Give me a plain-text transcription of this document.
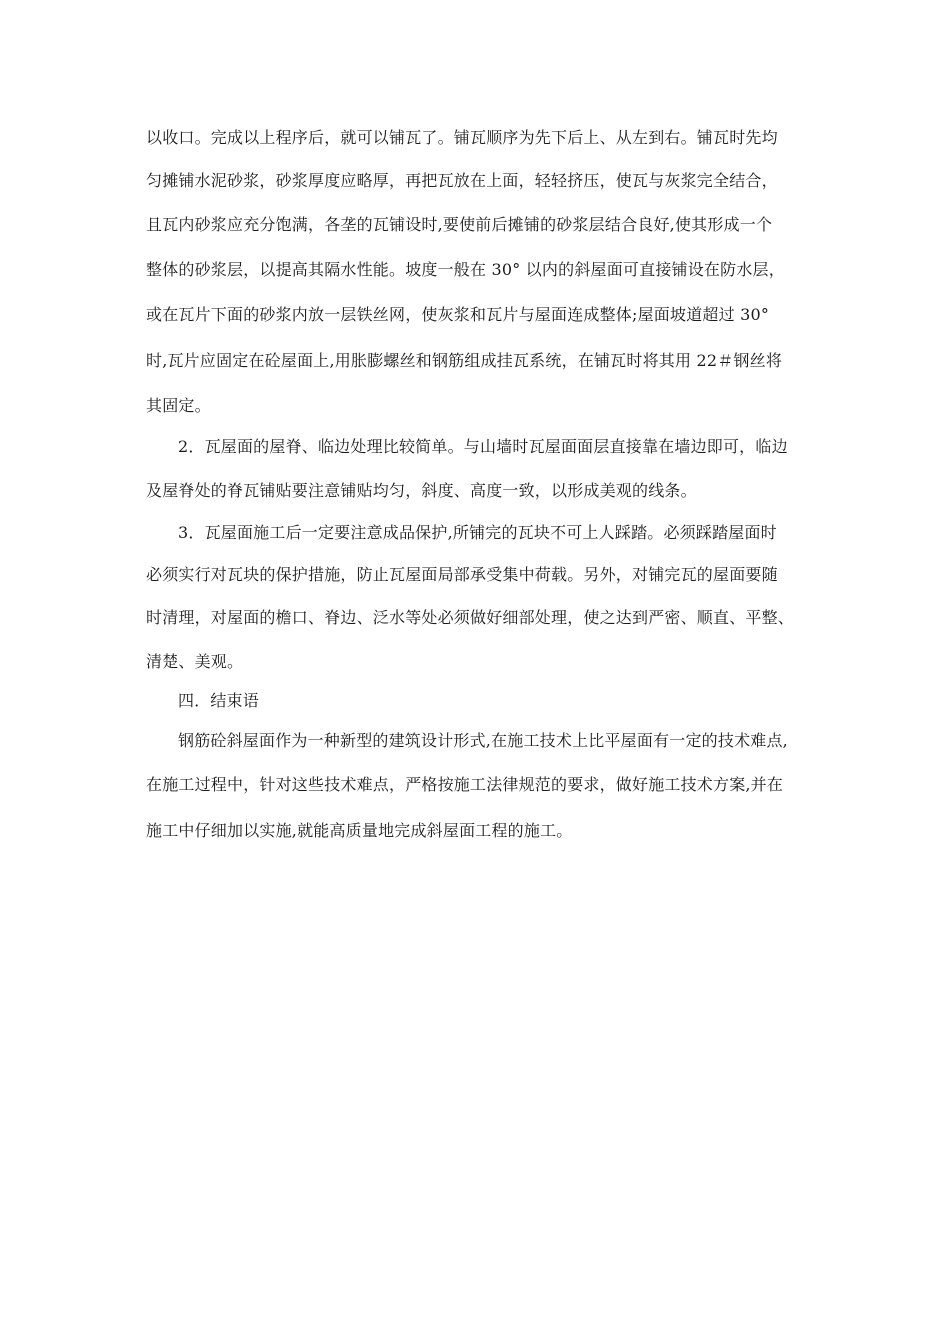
以收口。完成以上程序后，就可以铺瓦了。铺瓦顺序为先下后上、从左到右。铺瓦时先均
匀摊铺水泥砂浆，砂浆厚度应略厚，再把瓦放在上面，轻轻挤压，使瓦与灰浆完全结合，
且瓦内砂浆应充分饱满，各垄的瓦铺设时,要使前后摊铺的砂浆层结合良好,使其形成一个
整体的砂浆层，以提高其隔水性能。坡度一般在 30° 以内的斜屋面可直接铺设在防水层，
或在瓦片下面的砂浆内放一层铁丝网，使灰浆和瓦片与屋面连成整体;屋面坡道超过 30°
时,瓦片应固定在砼屋面上,用胀膨螺丝和钢筋组成挂瓦系统，在铺瓦时将其用 22＃钢丝将
其固定。
2．瓦屋面的屋脊、临边处理比较简单。与山墙时瓦屋面面层直接靠在墙边即可，临边
及屋脊处的脊瓦铺贴要注意铺贴均匀，斜度、高度一致，以形成美观的线条。
3．瓦屋面施工后一定要注意成品保护,所铺完的瓦块不可上人踩踏。必须踩踏屋面时
必须实行对瓦块的保护措施，防止瓦屋面局部承受集中荷载。另外，对铺完瓦的屋面要随
时清理，对屋面的檐口、脊边、泛水等处必须做好细部处理，使之达到严密、顺直、平整、
清楚、美观。
四．结束语
钢筋砼斜屋面作为一种新型的建筑设计形式,在施工技术上比平屋面有一定的技术难点,
在施工过程中，针对这些技术难点，严格按施工法律规范的要求，做好施工技术方案,并在
施工中仔细加以实施,就能高质量地完成斜屋面工程的施工。
